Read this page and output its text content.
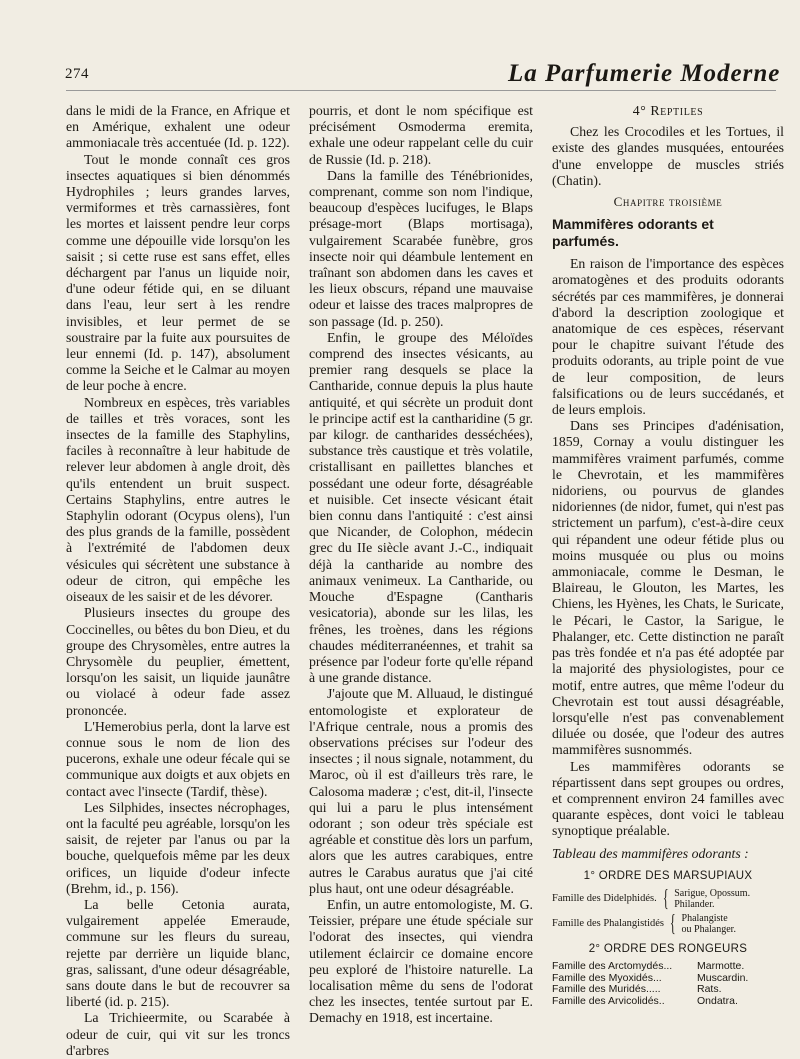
274	La Parfumerie Moderne

dans le midi de la France, en Afrique et en Amérique, exhalent une odeur ammoniacale très accentuée (Id. p. 122).

Tout le monde connaît ces gros insectes aquatiques si bien dénommés Hydrophiles ; leurs grandes larves, vermiformes et très carnassières, font les mortes et laissent pendre leur corps comme une dépouille vide lorsqu'on les saisit ; si cette ruse est sans effet, elles déchargent par l'anus un liquide noir, d'une odeur fétide qui, en se diluant dans l'eau, leur sert à les rendre invisibles, et leur permet de se soustraire par la fuite aux poursuites de leur ennemi (Id. p. 147), absolument comme la Seiche et le Calmar au moyen de leur poche à encre.

Nombreux en espèces, très variables de tailles et très voraces, sont les insectes de la famille des Staphylins, faciles à reconnaître à leur habitude de relever leur abdomen à angle droit, dès qu'ils entendent un bruit suspect. Certains Staphylins, entre autres le Staphylin odorant (Ocypus olens), l'un des plus grands de la famille, possèdent à l'extrémité de l'abdomen deux vésicules qui sécrètent une substance à odeur de citron, qui empêche les oiseaux de les saisir et de les dévorer.

Plusieurs insectes du groupe des Coccinelles, ou bêtes du bon Dieu, et du groupe des Chrysomèles, entre autres la Chrysomèle du peuplier, émettent, lorsqu'on les saisit, un liquide jaunâtre ou violacé à odeur fade assez prononcée.

L'Hemerobius perla, dont la larve est connue sous le nom de lion des pucerons, exhale une odeur fécale qui se communique aux doigts et aux objets en contact avec l'insecte (Tardif, thèse).

Les Silphides, insectes nécrophages, ont la faculté peu agréable, lorsqu'on les saisit, de rejeter par l'anus ou par la bouche, quelquefois même par les deux orifices, un liquide d'odeur infecte (Brehm, id., p. 156).

La belle Cetonia aurata, vulgairement appelée Emeraude, commune sur les fleurs du sureau, rejette par derrière un liquide blanc, gras, salissant, d'une odeur désagréable, sans doute dans le but de recouvrer sa liberté (id. p. 215).

La Trichieermite, ou Scarabée à odeur de cuir, qui vit sur les troncs d'arbres

pourris, et dont le nom spécifique est précisément Osmoderma eremita, exhale une odeur rappelant celle du cuir de Russie (Id. p. 218).

Dans la famille des Ténébrionides, comprenant, comme son nom l'indique, beaucoup d'espèces lucifuges, le Blaps présage-mort (Blaps mortisaga), vulgairement Scarabée funèbre, gros insecte noir qui déambule lentement en traînant son abdomen dans les caves et les lieux obscurs, répand une mauvaise odeur et laisse des traces malpropres de son passage (Id. p. 250).

Enfin, le groupe des Méloïdes comprend des insectes vésicants, au premier rang desquels se place la Cantharide, connue depuis la plus haute antiquité, et qui sécrète un produit dont le principe actif est la cantharidine (5 gr. par kilogr. de cantharides desséchées), substance très caustique et très volatile, cristallisant en paillettes blanches et possédant une odeur forte, désagréable et nuisible. Cet insecte vésicant était bien connu dans l'antiquité : c'est ainsi que Nicander, de Colophon, médecin grec du IIe siècle avant J.-C., indiquait déjà la cantharide au nombre des animaux venimeux. La Cantharide, ou Mouche d'Espagne (Cantharis vesicatoria), abonde sur les lilas, les frênes, les troènes, dans les régions chaudes méditerranéennes, et trahit sa présence par l'odeur forte qu'elle répand à une grande distance.

J'ajoute que M. Alluaud, le distingué entomologiste et explorateur de l'Afrique centrale, nous a promis des observations précises sur l'odeur des insectes ; il nous signale, notamment, du Maroc, où il est d'ailleurs très rare, le Calosoma maderæ ; c'est, dit-il, l'insecte qui lui a paru le plus intensément odorant ; son odeur très spéciale est agréable et constitue dès lors un parfum, alors que les autres carabiques, entre autres le Carabus auratus que j'ai cité plus haut, ont une odeur désagréable.

Enfin, un autre entomologiste, M. G. Teissier, prépare une étude spéciale sur l'odorat des insectes, qui viendra utilement éclaircir ce domaine encore peu exploré de l'histoire naturelle. La localisation même du sens de l'odorat chez les insectes, tentée surtout par E. Demachy en 1918, est incertaine.

4° Reptiles

Chez les Crocodiles et les Tortues, il existe des glandes musquées, entourées d'une enveloppe de muscles striés (Chatin).

Chapitre troisième

Mammifères odorants et parfumés.

En raison de l'importance des espèces aromatogènes et des produits odorants sécrétés par ces mammifères, je donnerai d'abord la description zoologique et anatomique de ces espèces, réservant pour le chapitre suivant l'étude des produits odorants, au triple point de vue de leur composition, de leurs falsifications ou de leurs succédanés, et de leurs emplois.

Dans ses Principes d'adénisation, 1859, Cornay a voulu distinguer les mammifères vraiment parfumés, comme le Chevrotain, et les mammifères nidoriens, ou pourvus de glandes nidoriennes (de nidor, fumet, qui n'est pas strictement un parfum), c'est-à-dire ceux qui répandent une odeur fétide plus ou moins musquée ou plus ou moins ammoniacale, comme le Desman, le Blaireau, le Glouton, les Martes, les Chiens, les Hyènes, les Chats, le Suricate, le Pécari, le Castor, la Sarigue, le Phalanger, etc. Cette distinction ne paraît pas très fondée et n'a pas été adoptée par la majorité des physiologistes, pour ce motif, entre autres, que même l'odeur du Chevrotain est tout aussi désagréable, lorsqu'elle n'est pas convenablement diluée ou dosée, que l'odeur des autres mammifères susnommés.

Les mammifères odorants se répartissent dans sept groupes ou ordres, et comprennent environ 24 familles avec quarante espèces, dont voici le tableau synoptique préalable.

Tableau des mammifères odorants :

1° ORDRE DES MARSUPIAUX

Famille des Didelphidés. { Sarigue, Opossum.
Philander.
Famille des Phalangistidés { Phalangiste
ou Phalanger.

2° ORDRE DES RONGEURS

Famille des Arctomydés...	Marmotte.
Famille des Myoxidés...	Muscardin.
Famille des Muridés.....	Rats.
Famille des Arvicolidés..	Ondatra.
